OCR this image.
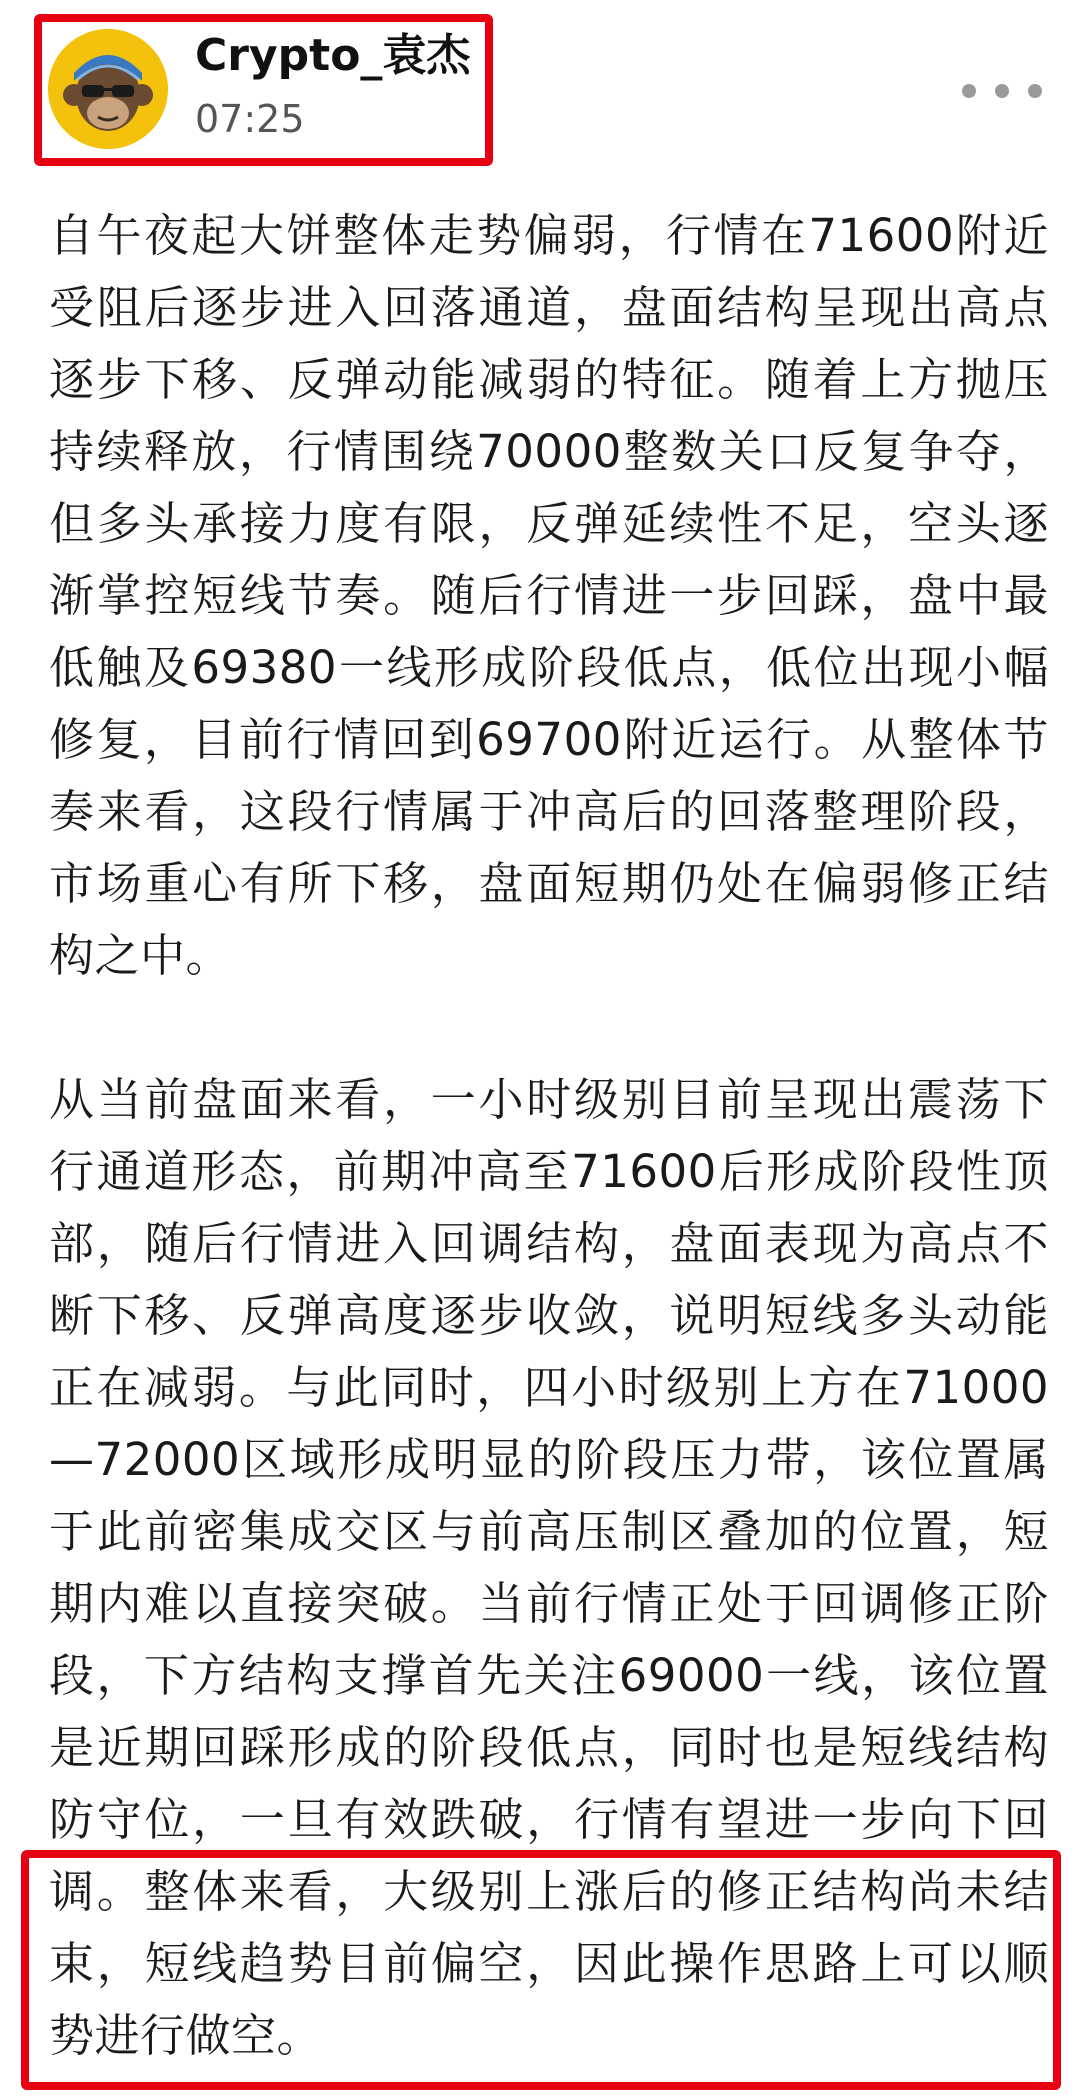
Crypto_袁杰
07:25

自午夜起大饼整体走势偏弱，行情在71600附近受阻后逐步进入回落通道，盘面结构呈现出高点逐步下移、反弹动能减弱的特征。随着上方抛压持续释放，行情围绕70000整数关口反复争夺，但多头承接力度有限，反弹延续性不足，空头逐渐掌控短线节奏。随后行情进一步回踩，盘中最低触及69380一线形成阶段低点，低位出现小幅修复，目前行情回到69700附近运行。从整体节奏来看，这段行情属于冲高后的回落整理阶段，市场重心有所下移，盘面短期仍处在偏弱修正结构之中。

从当前盘面来看，一小时级别目前呈现出震荡下行通道形态，前期冲高至71600后形成阶段性顶部，随后行情进入回调结构，盘面表现为高点不断下移、反弹高度逐步收敛，说明短线多头动能正在减弱。与此同时，四小时级别上方在71000—72000区域形成明显的阶段压力带，该位置属于此前密集成交区与前高压制区叠加的位置，短期内难以直接突破。当前行情正处于回调修正阶段，下方结构支撑首先关注69000一线，该位置是近期回踩形成的阶段低点，同时也是短线结构防守位，一旦有效跌破，行情有望进一步向下回调。整体来看，大级别上涨后的修正结构尚未结束，短线趋势目前偏空，因此操作思路上可以顺势进行做空。
